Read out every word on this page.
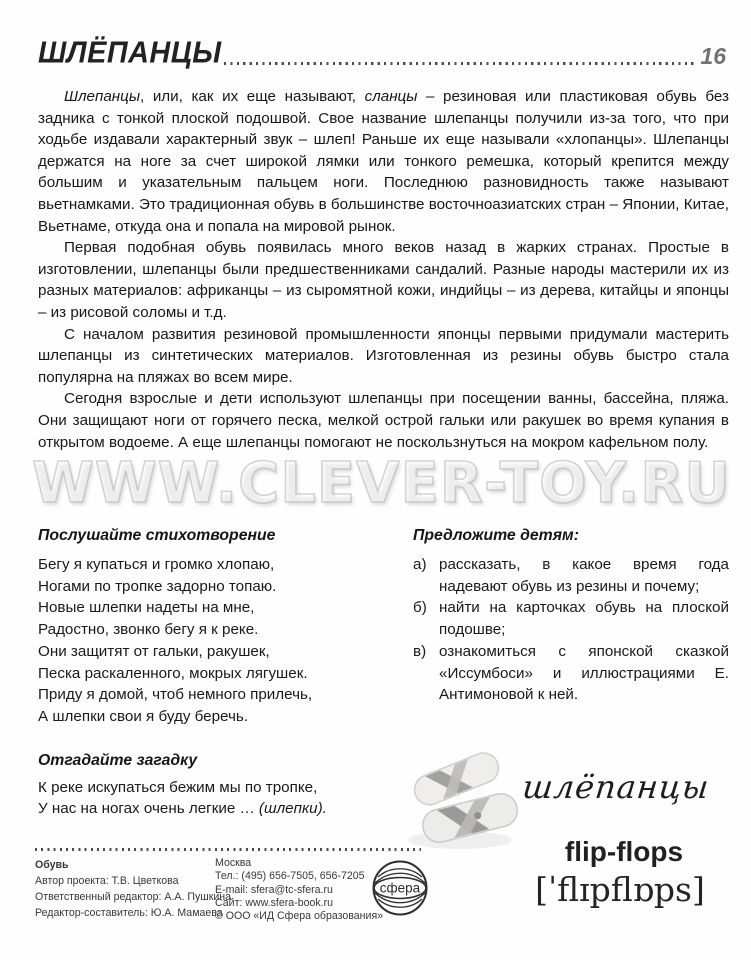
ШЛЁПАНЦЫ	16

Шлепанцы, или, как их еще называют, сланцы – резиновая или пластиковая обувь без задника с тонкой плоской подошвой. Свое название шлепанцы получили из-за того, что при ходьбе издавали характерный звук – шлеп! Раньше их еще называли «хлопанцы». Шлепанцы держатся на ноге за счет широкой лямки или тонкого ремешка, который крепится между большим и указательным пальцем ноги. Последнюю разновидность также называют вьетнамками. Это традиционная обувь в большинстве восточноазиатских стран – Японии, Китае, Вьетнаме, откуда она и попала на мировой рынок.

Первая подобная обувь появилась много веков назад в жарких странах. Простые в изготовлении, шлепанцы были предшественниками сандалий. Разные народы мастерили их из разных материалов: африканцы – из сыромятной кожи, индийцы – из дерева, китайцы и японцы – из рисовой соломы и т.д.

С началом развития резиновой промышленности японцы первыми придумали мастерить шлепанцы из синтетических материалов. Изготовленная из резины обувь быстро стала популярна на пляжах во всем мире.

Сегодня взрослые и дети используют шлепанцы при посещении ванны, бассейна, пляжа. Они защищают ноги от горячего песка, мелкой острой гальки или ракушек во время купания в открытом водоеме. А еще шлепанцы помогают не поскользнуться на мокром кафельном полу.

WWW.CLEVER-TOY.RU

Послушайте стихотворение

Бегу я купаться и громко хлопаю,
Ногами по тропке задорно топаю.
Новые шлепки надеты на мне,
Радостно, звонко бегу я к реке.
Они защитят от гальки, ракушек,
Песка раскаленного, мокрых лягушек.
Приду я домой, чтоб немного прилечь,
А шлепки свои я буду беречь.

Отгадайте загадку

К реке искупаться бежим мы по тропке,
У нас на ногах очень легкие … (шлепки).

Предложите детям:

а) рассказать, в какое время года надевают обувь из резины и почему;
б) найти на карточках обувь на плоской подошве;
в) ознакомиться с японской сказкой «Иссумбоси» и иллюстрациями Е. Антимоновой к ней.
шлёпанцы
flip-flops
[ˈflɪpflɒps]
Обувь
Автор проекта: Т.В. Цветкова
Ответственный редактор: А.А. Пушкина
Редактор-составитель: Ю.А. Мамаева
Москва
Тел.: (495) 656-7505, 656-7205
E-mail: sfera@tc-sfera.ru
Сайт: www.sfera-book.ru
© ООО «ИД Сфера образования»
сфера
